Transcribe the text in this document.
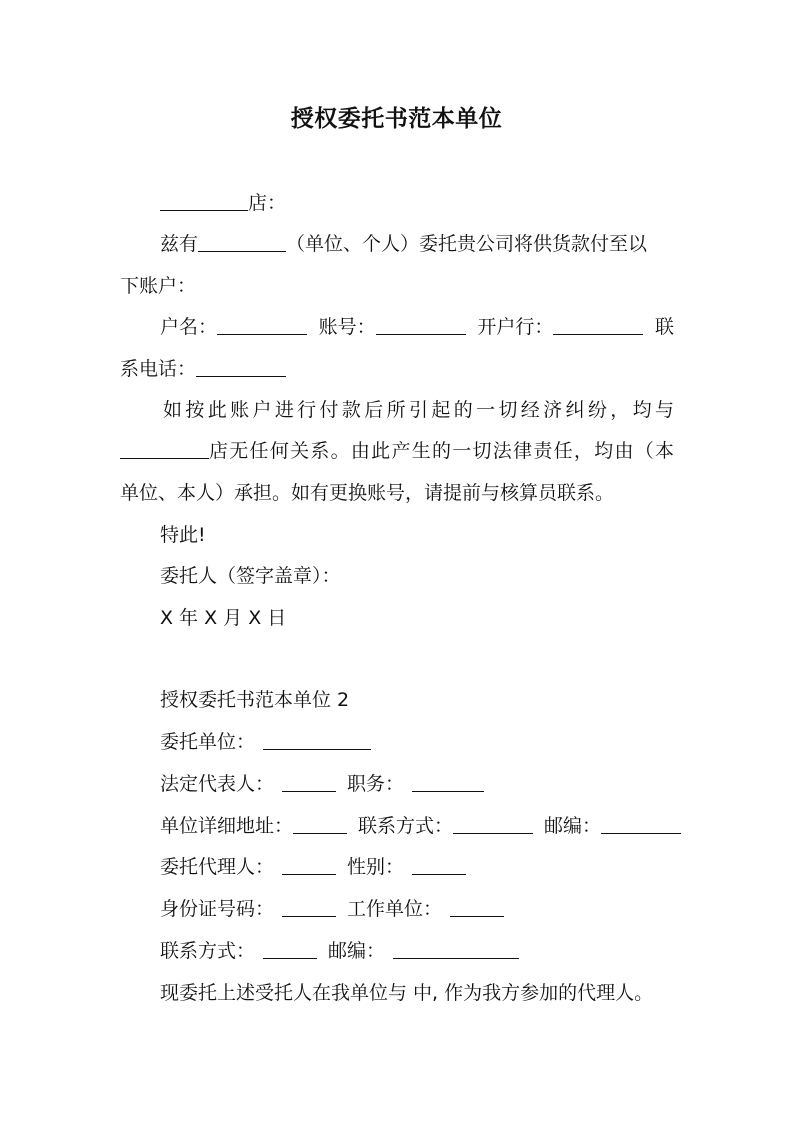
授权委托书范本单位
店：
兹有	（单位、个人）委托贵公司将供货款付至以
下账户：
户名：	账号：	开户行：	联
系电话：
如按此账户进行付款后所引起的一切经济纠纷，均与
店无任何关系。由此产生的一切法律责任，均由（本
单位、本人）承担。如有更换账号，请提前与核算员联系。
特此!
委托人（签字盖章）：
X 年 X 月 X 日
授权委托书范本单位 2
委托单位：
法定代表人：	职务：
单位详细地址：	联系方式：	邮编：
委托代理人：	性别：
身份证号码：	工作单位：
联系方式：	邮编：
现委托上述受托人在我单位与 中, 作为我方参加的代理人。
